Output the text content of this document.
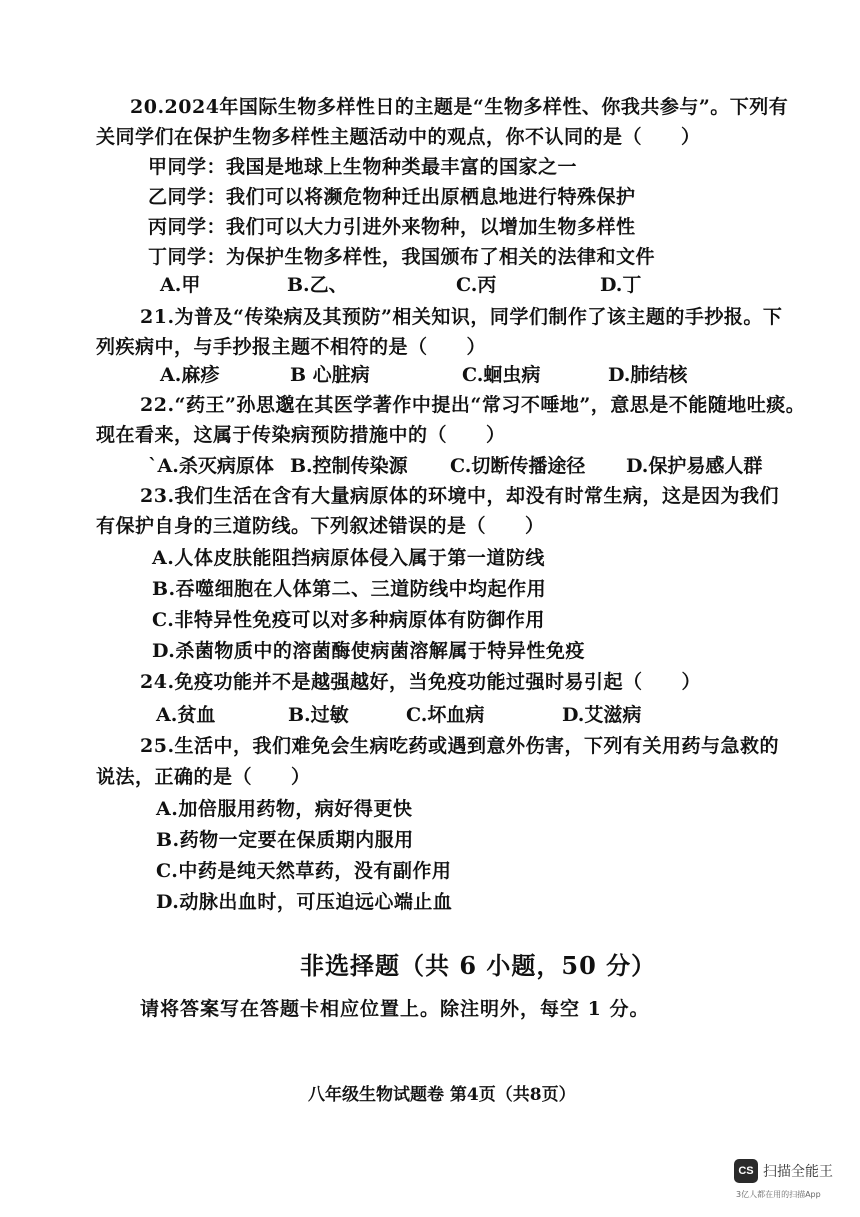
20.2024年国际生物多样性日的主题是“生物多样性、你我共参与”。下列有
关同学们在保护生物多样性主题活动中的观点，你不认同的是（　　）
甲同学：我国是地球上生物种类最丰富的国家之一
乙同学：我们可以将濒危物种迁出原栖息地进行特殊保护
丙同学：我们可以大力引进外来物种，以增加生物多样性
丁同学：为保护生物多样性，我国颁布了相关的法律和文件
A.甲	B.乙、	C.丙	D.丁
21.为普及“传染病及其预防”相关知识，同学们制作了该主题的手抄报。下
列疾病中，与手抄报主题不相符的是（　　）
A.麻疹	B 心脏病	C.蛔虫病	D.肺结核
22.“药王”孙思邈在其医学著作中提出“常习不唾地”，意思是不能随地吐痰。
现在看来，这属于传染病预防措施中的（　　）
`A.杀灭病原体 B.控制传染源 C.切断传播途径 D.保护易感人群
23.我们生活在含有大量病原体的环境中，却没有时常生病，这是因为我们
有保护自身的三道防线。下列叙述错误的是（　　）
A.人体皮肤能阻挡病原体侵入属于第一道防线
B.吞噬细胞在人体第二、三道防线中均起作用
C.非特异性免疫可以对多种病原体有防御作用
D.杀菌物质中的溶菌酶使病菌溶解属于特异性免疫
24.免疫功能并不是越强越好，当免疫功能过强时易引起（　　）
A.贫血	B.过敏	C.坏血病	D.艾滋病
25.生活中，我们难免会生病吃药或遇到意外伤害，下列有关用药与急救的
说法，正确的是（　　）
A.加倍服用药物，病好得更快
B.药物一定要在保质期内服用
C.中药是纯天然草药，没有副作用
D.动脉出血时，可压迫远心端止血
非选择题（共 6 小题，50 分）
请将答案写在答题卡相应位置上。除注明外，每空 1 分。
八年级生物试题卷 第4页（共8页）
CS 扫描全能王
3亿人都在用的扫描App
